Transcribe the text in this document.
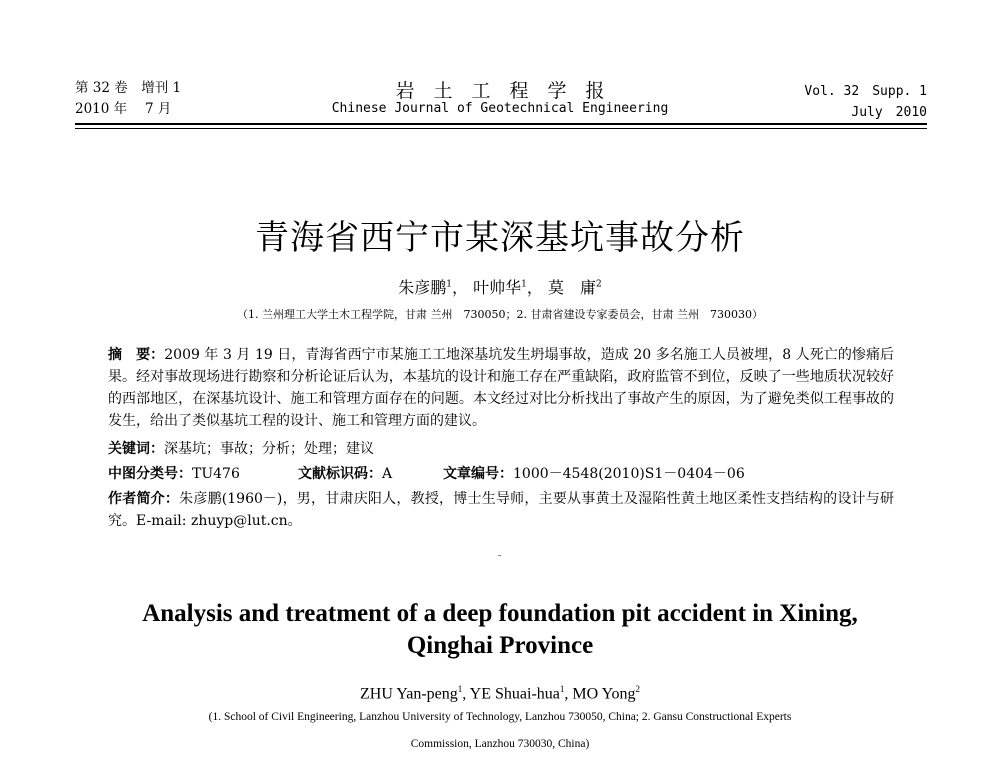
第 32 卷　增刊 1
2010 年　 7 月
岩　土　工　程　学　报
Chinese Journal of Geotechnical Engineering
Vol. 32　Supp. 1
July　2010
青海省西宁市某深基坑事故分析
朱彦鹏$^1$， 叶帅华$^1$， 莫　庸$^2$
（1. 兰州理工大学土木工程学院，甘肃 兰州　730050；2. 甘肃省建设专家委员会，甘肃 兰州　730030）
摘　要：2009 年 3 月 19 日，青海省西宁市某施工工地深基坑发生坍塌事故，造成 20 多名施工人员被埋，8 人死亡的惨痛后果。经对事故现场进行勘察和分析论证后认为，本基坑的设计和施工存在严重缺陷，政府监管不到位，反映了一些地质状况较好的西部地区，在深基坑设计、施工和管理方面存在的问题。本文经过对比分析找出了事故产生的原因，为了避免类似工程事故的发生，给出了类似基坑工程的设计、施工和管理方面的建议。
关键词：深基坑；事故；分析；处理；建议
中图分类号：TU476	文献标识码：A	文章编号：1000－4548(2010)S1－0404－06
作者简介：朱彦鹏(1960－)，男，甘肃庆阳人，教授，博士生导师，主要从事黄土及湿陷性黄土地区柔性支挡结构的设计与研究。E-mail: zhuyp@lut.cn。
Analysis and treatment of a deep foundation pit accident in Xining,
Qinghai Province
ZHU Yan-peng$^1$, YE Shuai-hua$^1$, MO Yong$^2$
(1. School of Civil Engineering, Lanzhou University of Technology, Lanzhou 730050, China; 2. Gansu Constructional Experts
Commission, Lanzhou 730030, China)
